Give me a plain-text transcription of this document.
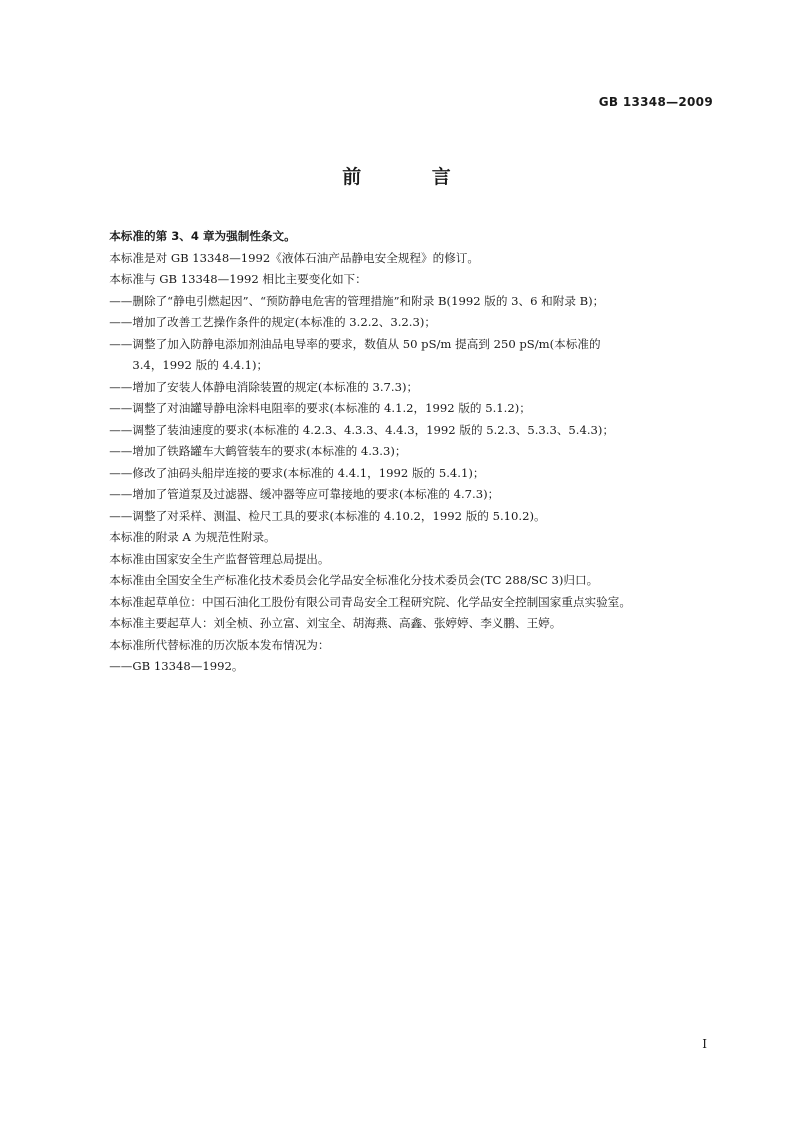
GB 13348—2009
前 言

本标准的第 3、4 章为强制性条文。

本标准是对 GB 13348—1992《液体石油产品静电安全规程》的修订。

本标准与 GB 13348—1992 相比主要变化如下：

——删除了“静电引燃起因”、“预防静电危害的管理措施”和附录 B(1992 版的 3、6 和附录 B)；

——增加了改善工艺操作条件的规定(本标准的 3.2.2、3.2.3)；

——调整了加入防静电添加剂油品电导率的要求，数值从 50 pS/m 提高到 250 pS/m(本标准的
3.4，1992 版的 4.4.1)；

——增加了安装人体静电消除装置的规定(本标准的 3.7.3)；

——调整了对油罐导静电涂料电阻率的要求(本标准的 4.1.2，1992 版的 5.1.2)；

——调整了装油速度的要求(本标准的 4.2.3、4.3.3、4.4.3，1992 版的 5.2.3、5.3.3、5.4.3)；

——增加了铁路罐车大鹤管装车的要求(本标准的 4.3.3)；

——修改了油码头船岸连接的要求(本标准的 4.4.1，1992 版的 5.4.1)；

——增加了管道泵及过滤器、缓冲器等应可靠接地的要求(本标准的 4.7.3)；

——调整了对采样、测温、检尺工具的要求(本标准的 4.10.2，1992 版的 5.10.2)。

本标准的附录 A 为规范性附录。

本标准由国家安全生产监督管理总局提出。

本标准由全国安全生产标准化技术委员会化学品安全标准化分技术委员会(TC 288/SC 3)归口。

本标准起草单位：中国石油化工股份有限公司青岛安全工程研究院、化学品安全控制国家重点实验室。

本标准主要起草人：刘全桢、孙立富、刘宝全、胡海燕、高鑫、张婷婷、李义鹏、王婷。

本标准所代替标准的历次版本发布情况为：

——GB 13348—1992。

I
